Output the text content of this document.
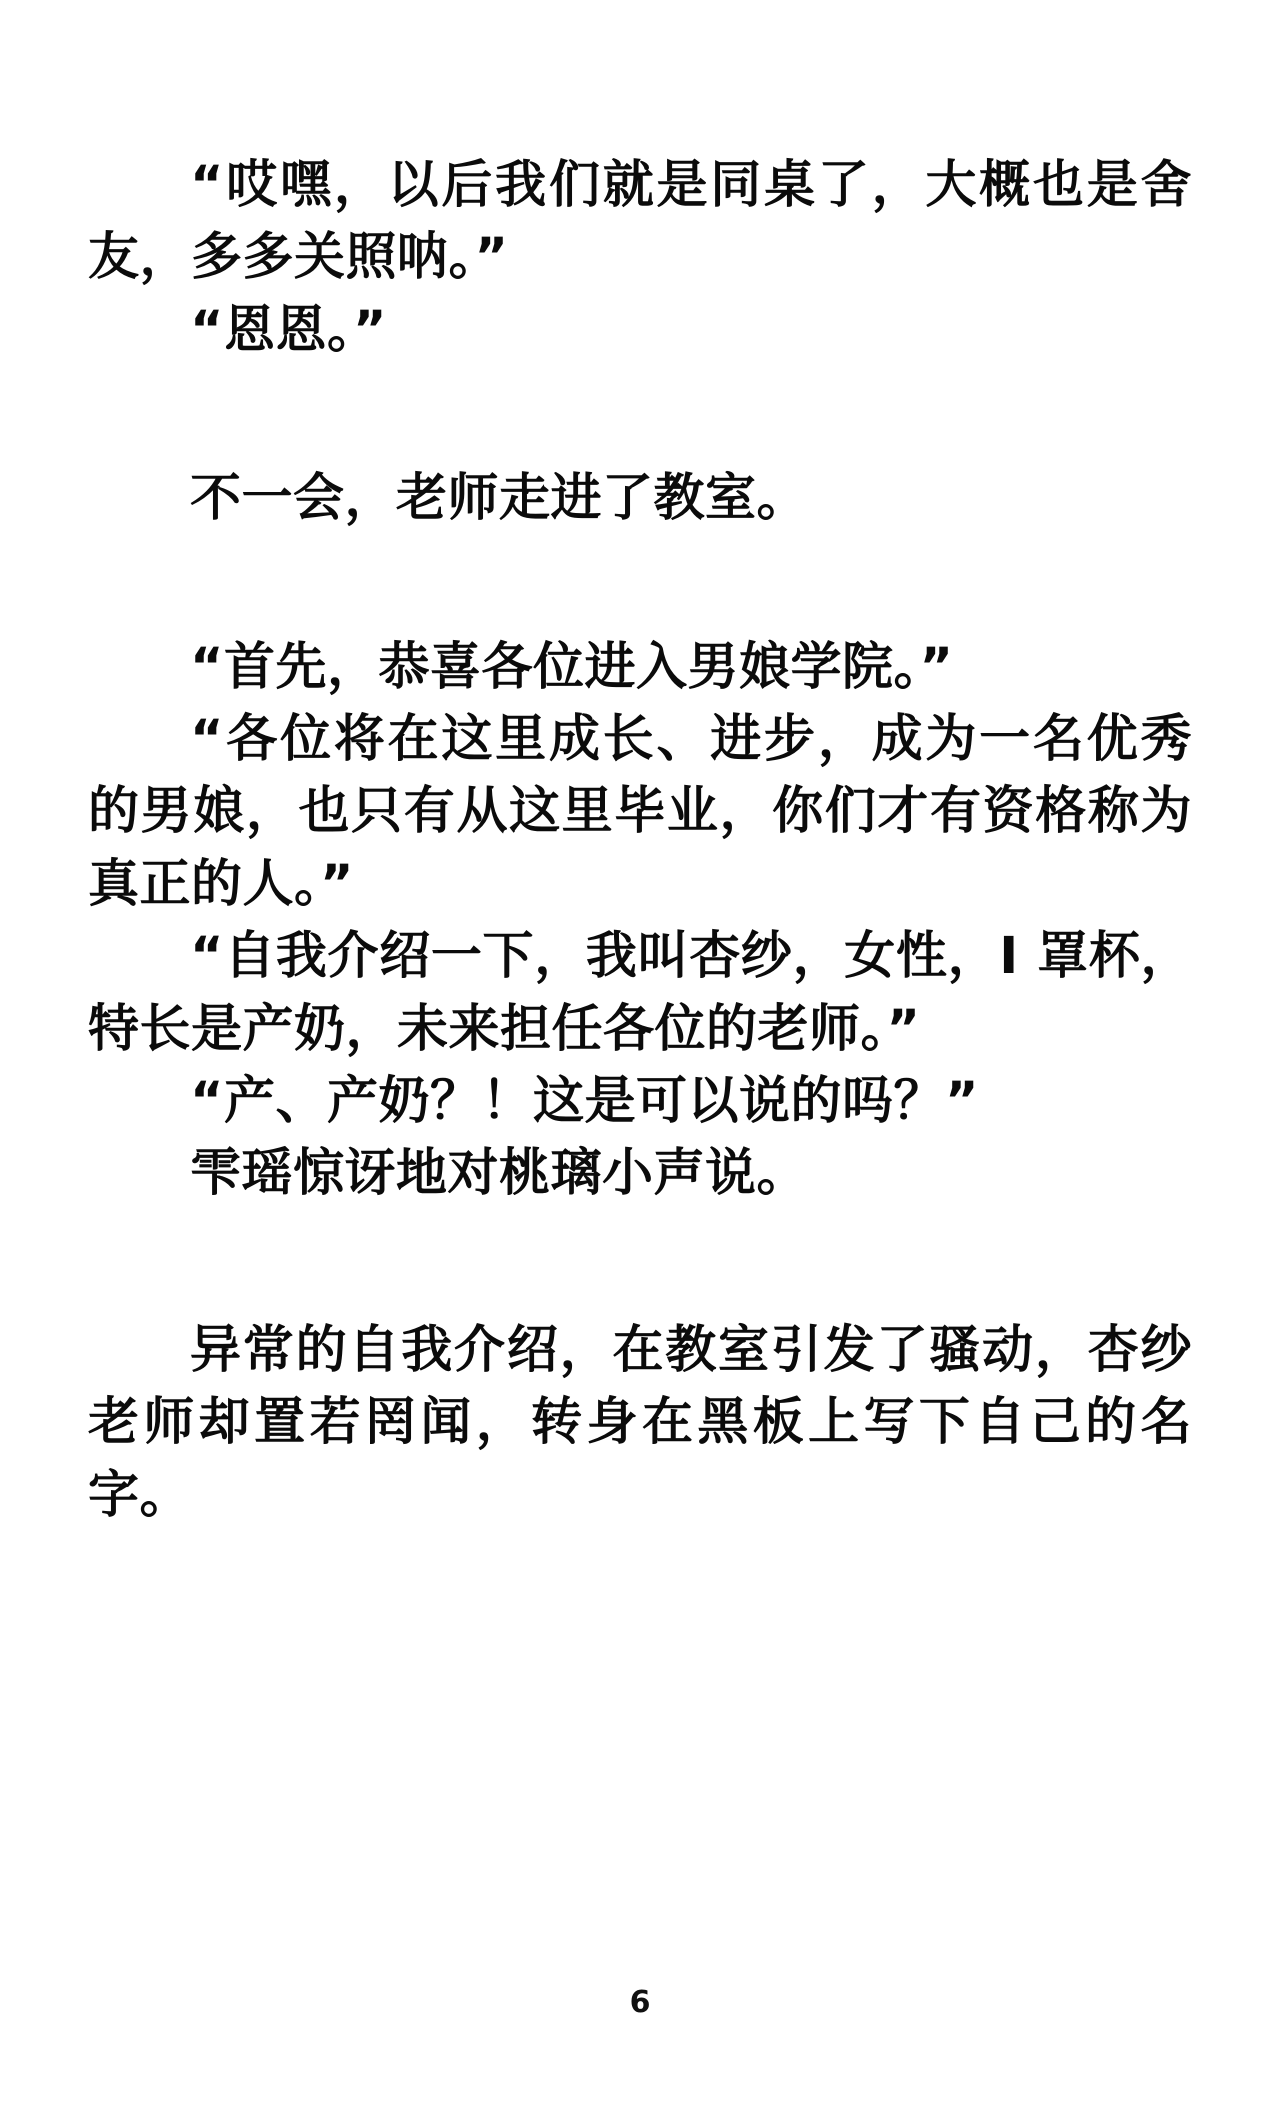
“哎嘿，以后我们就是同桌了，大概也是舍友，多多关照呐。”

“恩恩。”

不一会，老师走进了教室。

“首先，恭喜各位进入男娘学院。”

“各位将在这里成长、进步，成为一名优秀的男娘，也只有从这里毕业，你们才有资格称为真正的人。”

“自我介绍一下，我叫杏纱，女性，I 罩杯，特长是产奶，未来担任各位的老师。”

“产、产奶？！这是可以说的吗？”

雫瑶惊讶地对桃璃小声说。

异常的自我介绍，在教室引发了骚动，杏纱老师却置若罔闻，转身在黑板上写下自己的名字。

6
